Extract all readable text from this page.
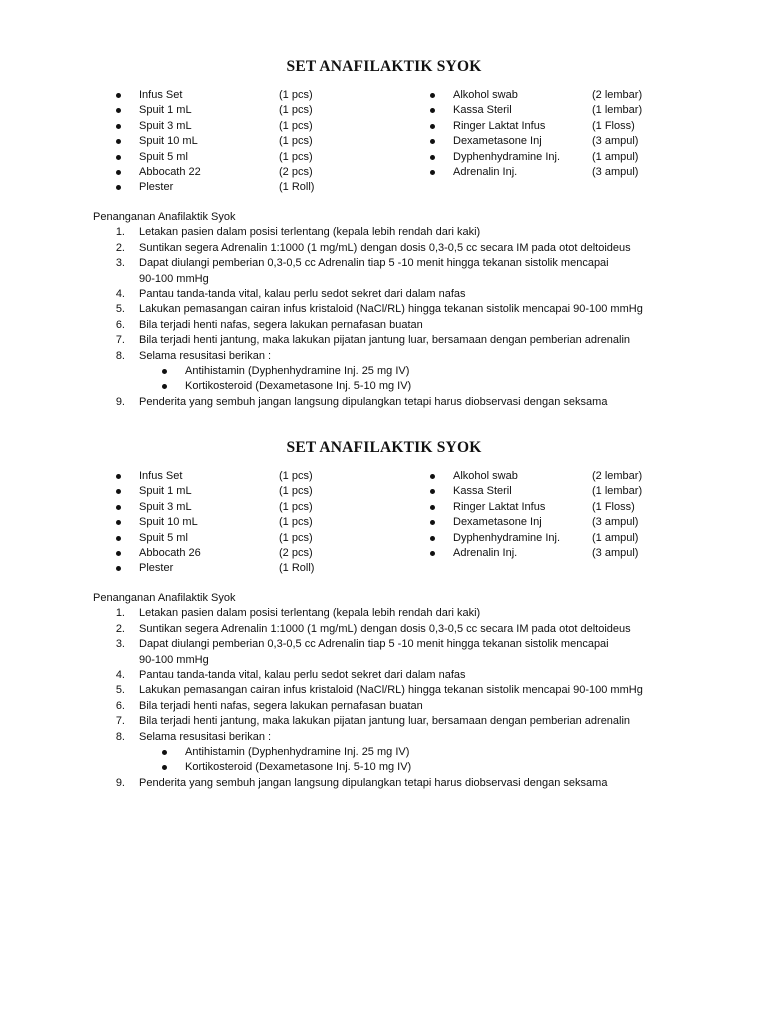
SET ANAFILAKTIK SYOK
Infus Set	(1 pcs)
Spuit 1 mL	(1 pcs)
Spuit 3 mL	(1 pcs)
Spuit 10 mL	(1 pcs)
Spuit 5 ml	(1 pcs)
Abbocath 22	(2 pcs)
Plester	(1 Roll)
Alkohol swab	(2 lembar)
Kassa Steril	(1 lembar)
Ringer Laktat Infus	(1 Floss)
Dexametasone Inj	(3 ampul)
Dyphenhydramine Inj.	(1 ampul)
Adrenalin Inj.	(3 ampul)
Penanganan Anafilaktik Syok
1. Letakan pasien dalam posisi terlentang (kepala lebih rendah dari kaki)
2. Suntikan segera Adrenalin 1:1000 (1 mg/mL) dengan dosis 0,3-0,5 cc secara IM pada otot deltoideus
3. Dapat diulangi pemberian 0,3-0,5 cc Adrenalin tiap 5 -10 menit hingga tekanan sistolik mencapai
90-100 mmHg
4. Pantau tanda-tanda vital, kalau perlu sedot sekret dari dalam nafas
5. Lakukan pemasangan cairan infus kristaloid (NaCl/RL) hingga tekanan sistolik mencapai 90-100 mmHg
6. Bila terjadi henti nafas, segera lakukan pernafasan buatan
7. Bila terjadi henti jantung, maka lakukan pijatan jantung luar, bersamaan dengan pemberian adrenalin
8. Selama resusitasi berikan :
Antihistamin (Dyphenhydramine Inj. 25 mg IV)
Kortikosteroid (Dexametasone Inj. 5-10 mg IV)
9. Penderita yang sembuh jangan langsung dipulangkan tetapi harus diobservasi dengan seksama
SET ANAFILAKTIK SYOK
Infus Set	(1 pcs)
Spuit 1 mL	(1 pcs)
Spuit 3 mL	(1 pcs)
Spuit 10 mL	(1 pcs)
Spuit 5 ml	(1 pcs)
Abbocath 26	(2 pcs)
Plester	(1 Roll)
Alkohol swab	(2 lembar)
Kassa Steril	(1 lembar)
Ringer Laktat Infus	(1 Floss)
Dexametasone Inj	(3 ampul)
Dyphenhydramine Inj.	(1 ampul)
Adrenalin Inj.	(3 ampul)
Penanganan Anafilaktik Syok
1. Letakan pasien dalam posisi terlentang (kepala lebih rendah dari kaki)
2. Suntikan segera Adrenalin 1:1000 (1 mg/mL) dengan dosis 0,3-0,5 cc secara IM pada otot deltoideus
3. Dapat diulangi pemberian 0,3-0,5 cc Adrenalin tiap 5 -10 menit hingga tekanan sistolik mencapai
90-100 mmHg
4. Pantau tanda-tanda vital, kalau perlu sedot sekret dari dalam nafas
5. Lakukan pemasangan cairan infus kristaloid (NaCl/RL) hingga tekanan sistolik mencapai 90-100 mmHg
6. Bila terjadi henti nafas, segera lakukan pernafasan buatan
7. Bila terjadi henti jantung, maka lakukan pijatan jantung luar, bersamaan dengan pemberian adrenalin
8. Selama resusitasi berikan :
Antihistamin (Dyphenhydramine Inj. 25 mg IV)
Kortikosteroid (Dexametasone Inj. 5-10 mg IV)
9. Penderita yang sembuh jangan langsung dipulangkan tetapi harus diobservasi dengan seksama
